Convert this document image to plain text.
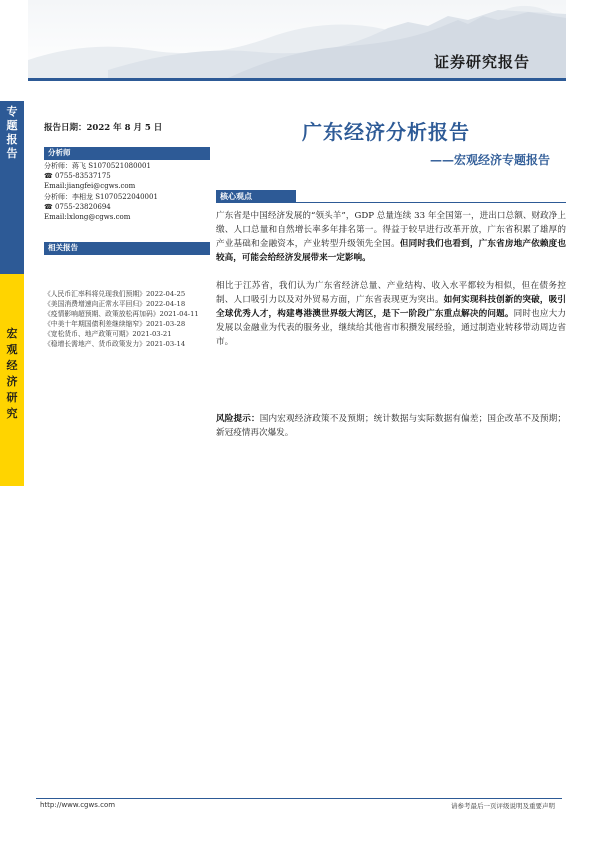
证券研究报告
专
题
报
告
宏
观
经
济
研
究
报告日期：2022 年 8 月 5 日
分析师
分析师：蒋飞 S1070521080001
☎ 0755-83537175
Email:jiangfei@cgws.com
分析师：李相龙 S1070522040001
☎ 0755-23820694
Email:lxlong@cgws.com
相关报告
《人民币汇率科将兑现我们预期》2022-04-25
《美国消费增速向正常水平回归》2022-04-18
《疫情影响超预期、政策放松再加码》2021-04-11
《中美十年期国债利差继续缩窄》2021-03-28
《宽松货币、地产政策可期》2021-03-21
《稳增长需地产、货币政策发力》2021-03-14
广东经济分析报告
——宏观经济专题报告
核心观点
广东省是中国经济发展的“领头羊”，GDP 总量连续 33 年全国第一，进出口总额、财政净上缴、人口总量和自然增长率多年排名第一。得益于较早进行改革开放，广东省积累了雄厚的产业基础和金融资本，产业转型升级领先全国。但同时我们也看到，广东省房地产依赖度也较高，可能会给经济发展带来一定影响。
相比于江苏省，我们认为广东省经济总量、产业结构、收入水平都较为相似，但在债务控制、人口吸引力以及对外贸易方面，广东省表现更为突出。如何实现科技创新的突破，吸引全球优秀人才，构建粤港澳世界级大湾区，是下一阶段广东重点解决的问题。同时也应大力发展以金融业为代表的服务业，继续给其他省市积攒发展经验，通过制造业转移带动周边省市。
风险提示：国内宏观经济政策不及预期；统计数据与实际数据有偏差；国企改革不及预期；新冠疫情再次爆发。
http://www.cgws.com	请参考最后一页评级说明及重要声明
